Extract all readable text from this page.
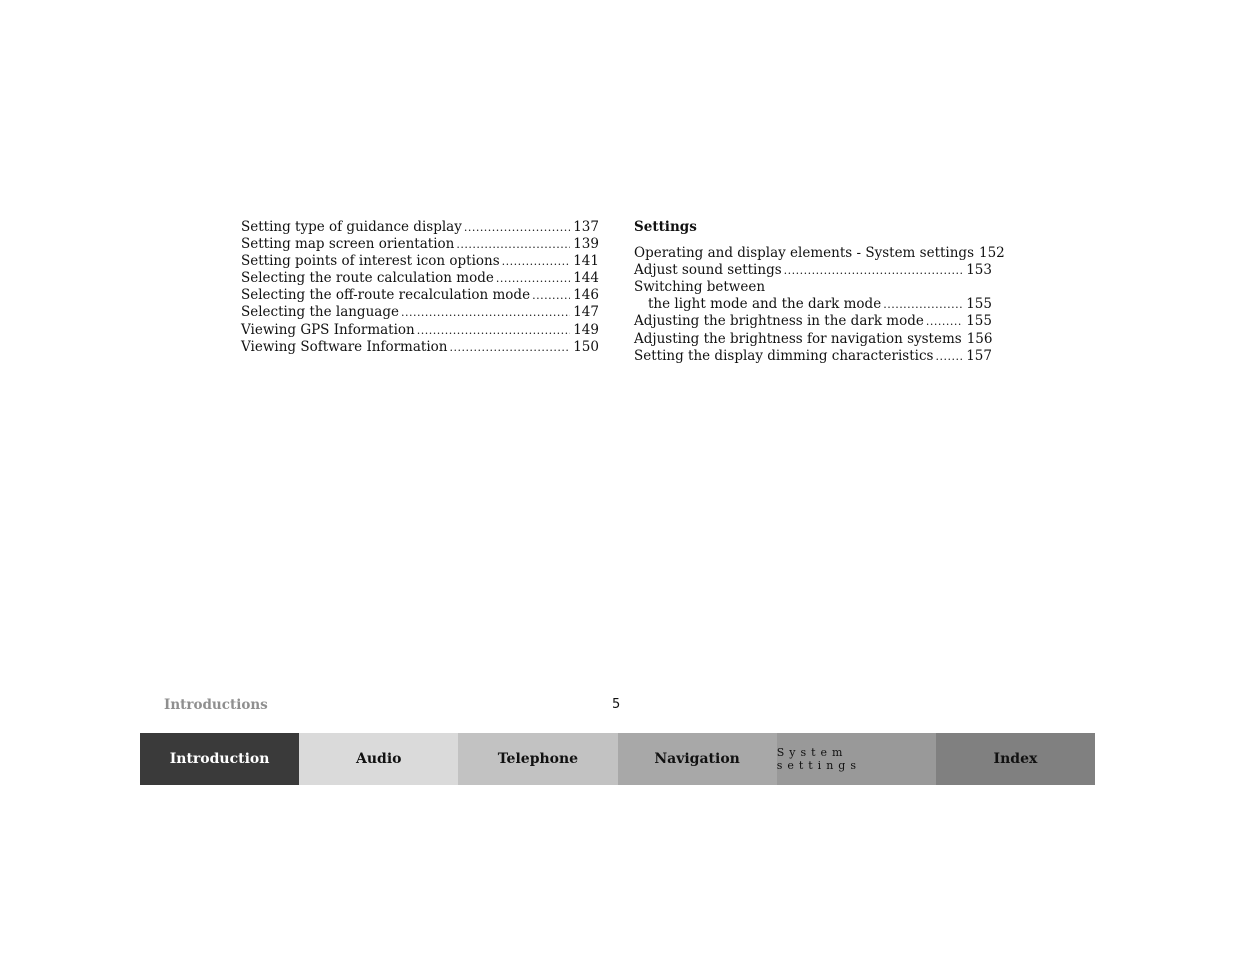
Setting type of guidance display .....	137
Setting map screen orientation .....	139
Setting points of interest icon options .....	141
Selecting the route calculation mode .....	144
Selecting the off-route recalculation mode .....	146
Selecting the language .....	147
Viewing GPS Information .....	149
Viewing Software Information .....	150
Settings
Operating and display elements - System settings 152
Adjust sound settings .....	153
Switching between
the light mode and the dark mode .....	155
Adjusting the brightness in the dark mode .....	155
Adjusting the brightness for navigation systems 156
Setting the display dimming characteristics ..... 157
Introductions	5
Introduction	Audio	Telephone	Navigation	System settings	Index
